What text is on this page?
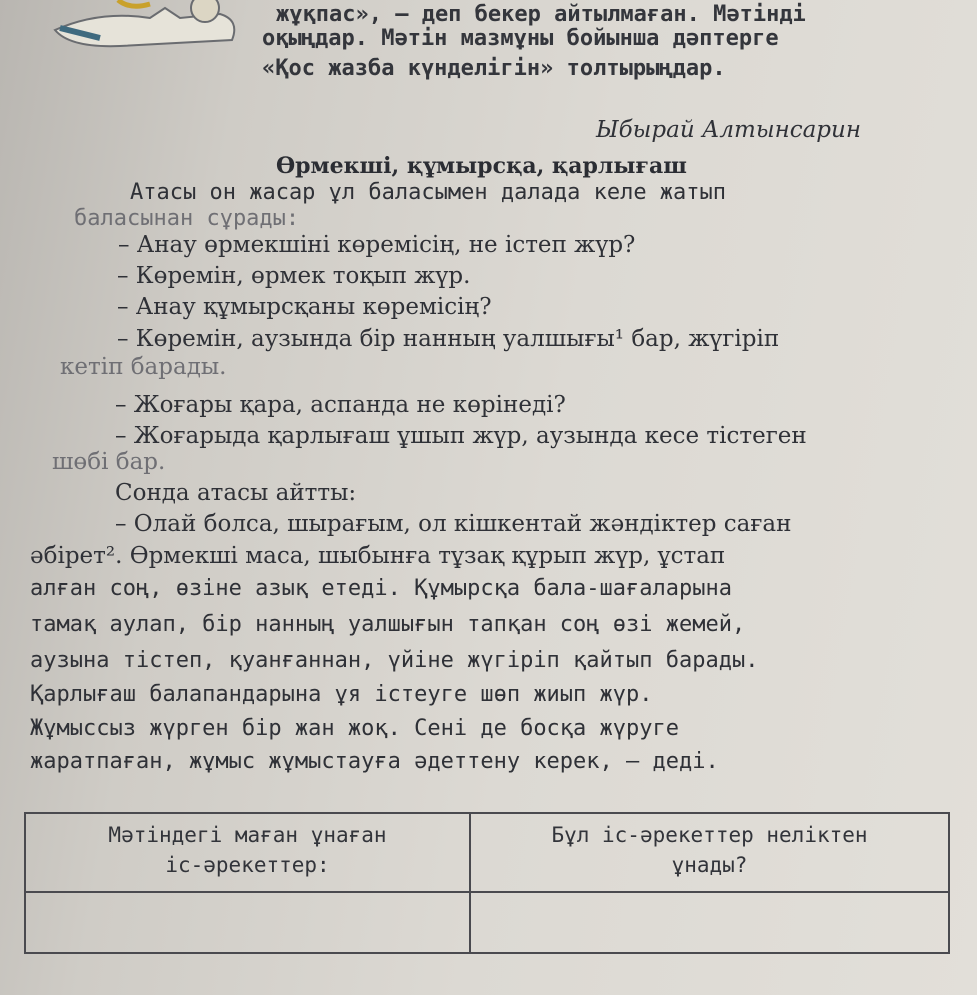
жұқпас», – деп бекер айтылмаған. Мәтінді
оқыңдар. Мәтін мазмұны бойынша дәптерге
«Қос жазба күнделігін» толтырыңдар.
Ыбырай Алтынсарин
Өрмекші, құмырсқа, қарлығаш
Атасы он жасар ұл баласымен далада келе жатып
баласынан сұрады:
– Анау өрмекшіні көремісің, не істеп жүр?
– Көремін, өрмек тоқып жүр.
– Анау құмырсқаны көремісің?
– Көремін, аузында бір нанның уалшығы¹ бар, жүгіріп
кетіп барады.
– Жоғары қара, аспанда не көрінеді?
– Жоғарыда қарлығаш ұшып жүр, аузында кесе тістеген
шөбі бар.
Сонда атасы айтты:
– Олай болса, шырағым, ол кішкентай жәндіктер саған
әбірет². Өрмекші маса, шыбынға тұзақ құрып жүр, ұстап
алған соң, өзіне азық етеді. Құмырсқа бала-шағаларына
тамақ аулап, бір нанның уалшығын тапқан соң өзі жемей,
аузына тістеп, қуанғаннан, үйіне жүгіріп қайтып барады.
Қарлығаш балапандарына ұя істеуге шөп жиып жүр.
Жұмыссыз жүрген бір жан жоқ. Сені де босқа жүруге
жаратпаған, жұмыс жұмыстауға әдеттену керек, – деді.
Мәтіндегі маған ұнаған
іс-әрекеттер:
Бұл іс-әрекеттер неліктен
ұнады?
